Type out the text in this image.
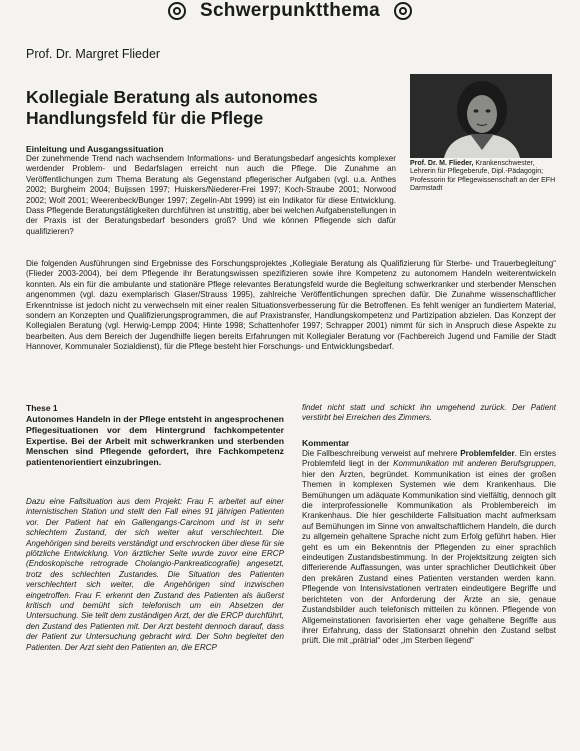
Schwerpunktthema
Prof. Dr. Margret Flieder
Kollegiale Beratung als autonomes
Handlungsfeld für die Pflege
Prof. Dr. M. Flieder, Krankenschwester, Lehrerin für Pflegeberufe, Dipl.-Pädagogin; Professorin für Pflegewissenschaft an der EFH Darmstadt
Einleitung und Ausgangssituation
Der zunehmende Trend nach wachsendem Informations- und Beratungsbedarf angesichts komplexer werdender Problem- und Bedarfslagen erreicht nun auch die Pflege. Die Zunahme an Veröffentlichungen zum Thema Beratung als Gegenstand pflegerischer Aufgaben (vgl. u.a. Anthes 2002; Burgheim 2004; Buijssen 1997; Huiskers/Niederer-Frei 1997; Koch-Straube 2001; Norwood 2002; Wolf 2001; Weerenbeck/Bunger 1997; Zegelin-Abt 1999) ist ein Indikator für diese Entwicklung. Dass Pflegende Beratungstätigkeiten durchführen ist unstrittig, aber bei welchen Aufgabenstellungen in der Praxis ist der Beratungsbedarf besonders groß? Und wie können Pflegende sich dafür qualifizieren?
Die folgenden Ausführungen sind Ergebnisse des Forschungsprojektes „Kollegiale Beratung als Qualifizierung für Sterbe- und Trauerbegleitung“ (Flieder 2003-2004), bei dem Pflegende ihr Beratungswissen spezifizieren sowie ihre Kompetenz zu autonomem Handeln weiterentwickeln konnten. Als ein für die ambulante und stationäre Pflege relevantes Beratungsfeld wurde die Begleitung schwerkranker und sterbender Menschen angenommen (vgl. dazu exemplarisch Glaser/Strauss 1995), zahlreiche Veröffentlichungen sprechen dafür. Die Zunahme wissenschaftlicher Erkenntnisse ist jedoch nicht zu verwechseln mit einer realen Situationsverbesserung für die Betroffenen. Es fehlt weniger an fundiertem Material, sondern an Konzepten und Qualifizierungsprogrammen, die auf Praxistransfer, Handlungskompetenz und Partizipation abzielen. Das Konzept der Kollegialen Beratung (vgl. Herwig-Lempp 2004; Hinte 1998; Schattenhofer 1997; Schrapper 2001) nimmt für sich in Anspruch diese Aspekte zu bearbeiten. Aus dem Bereich der Jugendhilfe liegen bereits Erfahrungen mit Kollegialer Beratung vor (Fachbereich Jugend und Familie der Stadt Hannover, Kommunaler Sozialdienst), für die Pflege besteht hier Forschungs- und Entwicklungsbedarf.
These 1
Autonomes Handeln in der Pflege entsteht in angesprochenen Pflegesituationen vor dem Hintergrund fachkompetenter Expertise. Bei der Arbeit mit schwerkranken und sterbenden Menschen sind Pflegende gefordert, ihre Fachkompetenz patientenorientiert einzubringen.
Dazu eine Fallsituation aus dem Projekt: Frau F. arbeitet auf einer internistischen Station und stellt den Fall eines 91 jährigen Patienten vor. Der Patient hat ein Gallengangs-Carcinom und ist in sehr schlechtem Zustand, der sich weiter akut verschlechtert. Die Angehörigen sind bereits verständigt und erschrocken über diese für sie plötzliche Entwicklung. Von ärztlicher Seite wurde zuvor eine ERCP (Endoskopische retrograde Cholangio-Pankreaticografie) angesetzt, trotz des schlechten Zustandes. Die Situation des Patienten verschlechtert sich weiter, die Angehörigen sind inzwischen eingetroffen. Frau F. erkennt den Zustand des Patienten als äußerst kritisch und bemüht sich telefonisch um ein Absetzen der Untersuchung. Sie teilt dem zuständigen Arzt, der die ERCP durchführt, den Zustand des Patienten mit. Der Arzt besteht dennoch darauf, dass der Patient zur Untersuchung gebracht wird. Der Sohn begleitet den Patienten. Der Arzt sieht den Patienten an, die ERCP
findet nicht statt und schickt ihn umgehend zurück. Der Patient verstirbt bei Erreichen des Zimmers.
Kommentar
Die Fallbeschreibung verweist auf mehrere Problemfelder. Ein erstes Problemfeld liegt in der Kommunikation mit anderen Berufsgruppen, hier den Ärzten, begründet. Kommunikation ist eines der großen Themen in komplexen Systemen wie dem Krankenhaus. Die Bemühungen um adäquate Kommunikation sind vielfältig, dennoch gilt die interprofessionelle Kommunikation als Problembereich im Krankenhaus. Die hier geschilderte Fallsituation macht aufmerksam auf Bemühungen im Sinne von anwaltschaftlichem Handeln, die durch zu allgemein gehaltene Sprache nicht zum Erfolg geführt haben. Hier geht es um ein Bekenntnis der Pflegenden zu einer sprachlich eindeutigen Zustandsbestimmung. In der Projektsitzung zeigten sich differierende Auffassungen, was unter sprachlicher Deutlichkeit über den prekären Zustand eines Patienten verstanden werden kann. Pflegende von Intensivstationen vertraten eindeutigere Begriffe und berichteten von der Anforderung der Ärzte an sie, genaue Zustandsbilder auch telefonisch mitteilen zu können. Pflegende von Allgemeinstationen favorisierten eher vage gehaltene Begriffe aus ihrer Erfahrung, dass der Stationsarzt ohnehin den Zustand selbst prüft. Die mit „prätrial“ oder „im Sterben liegend“
